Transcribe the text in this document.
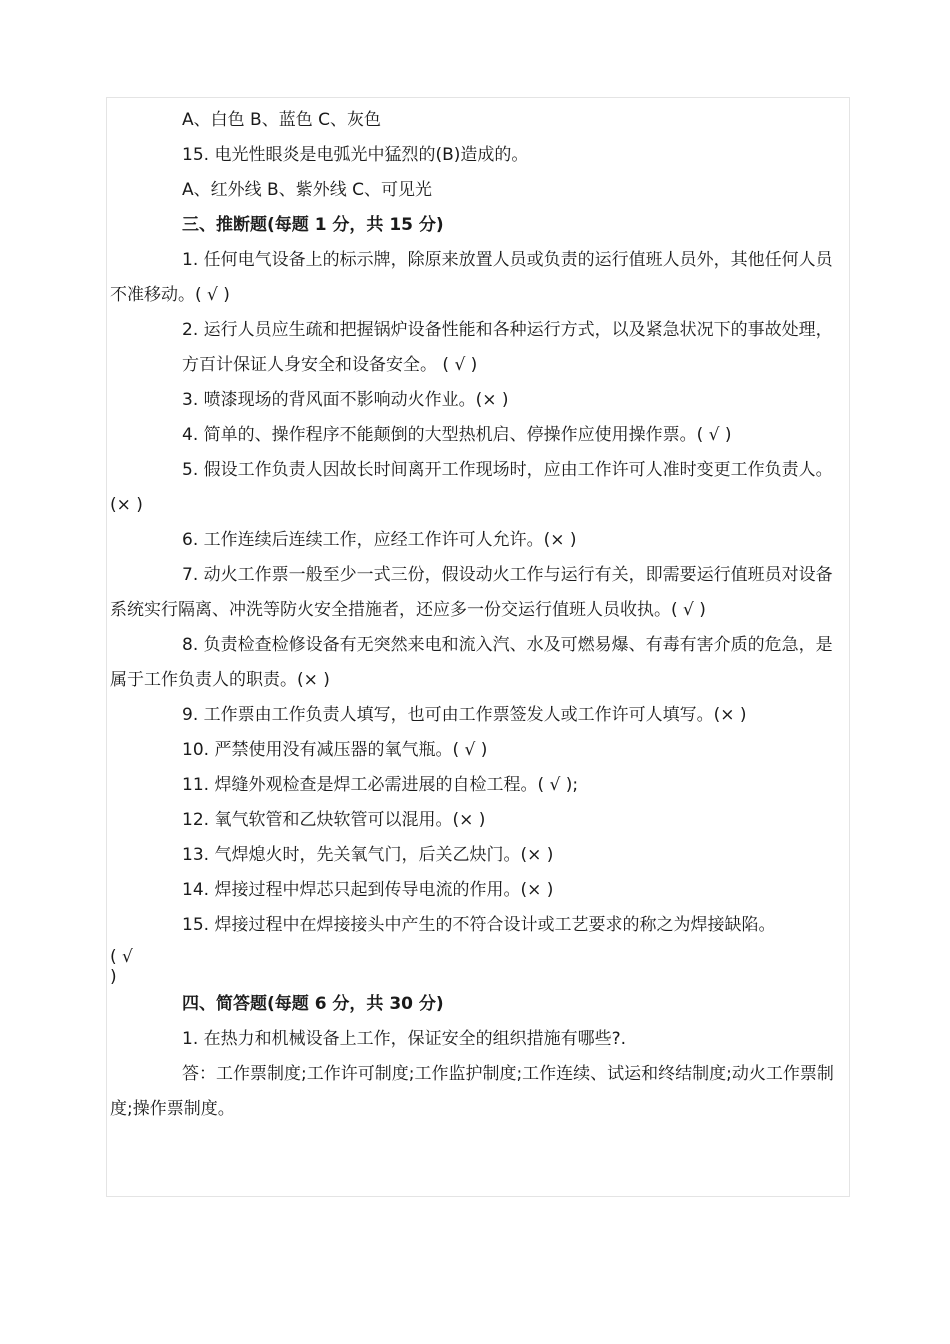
A、白色 B、蓝色 C、灰色

15. 电光性眼炎是电弧光中猛烈的(B)造成的。

A、红外线 B、紫外线 C、可见光

三、推断题(每题 1 分，共 15 分)

1. 任何电气设备上的标示牌，除原来放置人员或负责的运行值班人员外，其他任何人员不准移动。( √ )

2. 运行人员应生疏和把握锅炉设备性能和各种运行方式，以及紧急状况下的事故处理，

方百计保证人身安全和设备安全。 ( √ )

3. 喷漆现场的背风面不影响动火作业。(× )

4. 简单的、操作程序不能颠倒的大型热机启、停操作应使用操作票。( √ )

5. 假设工作负责人因故长时间离开工作现场时，应由工作许可人准时变更工作负责人。(× )

6. 工作连续后连续工作，应经工作许可人允许。(× )

7. 动火工作票一般至少一式三份，假设动火工作与运行有关，即需要运行值班员对设备系统实行隔离、冲洗等防火安全措施者，还应多一份交运行值班人员收执。( √ )

8. 负责检查检修设备有无突然来电和流入汽、水及可燃易爆、有毒有害介质的危急，是属于工作负责人的职责。(× )

9. 工作票由工作负责人填写，也可由工作票签发人或工作许可人填写。(× )

10. 严禁使用没有减压器的氧气瓶。( √ )

11. 焊缝外观检查是焊工必需进展的自检工程。( √ );

12. 氧气软管和乙炔软管可以混用。(× )

13. 气焊熄火时，先关氧气门，后关乙炔门。(× )

14. 焊接过程中焊芯只起到传导电流的作用。(× )

15. 焊接过程中在焊接接头中产生的不符合设计或工艺要求的称之为焊接缺陷。

( √

)

四、简答题(每题 6 分，共 30 分)

1. 在热力和机械设备上工作，保证安全的组织措施有哪些?.

答：工作票制度;工作许可制度;工作监护制度;工作连续、试运和终结制度;动火工作票制度;操作票制度。
